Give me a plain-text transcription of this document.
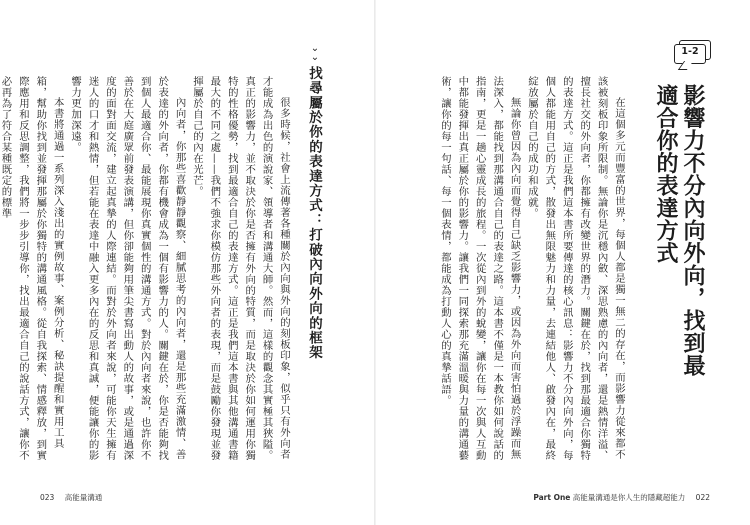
⌄
⌄
找尋屬於你的表達方式：打破內向外向的框架

很多時候，社會上流傳著各種關於內向與外向的刻板印象，似乎只有外向者才能成為出色的演說家、領導者和溝通大師。然而，這樣的觀念其實極其狹隘。真正的影響力，並不取決於你是否擁有外向的特質，而是取決於你如何運用你獨特的性格優勢，找到最適合自己的表達方式。這正是我們這本書與其他溝通書籍最大的不同之處——我們不強求你模仿那些外向者的表現，而是鼓勵你發現並發揮屬於自己的內在光芒。

內向者，你那些喜歡靜靜觀察、細膩思考的內向者，還是那些充滿激情、善於表達的外向者，你都有機會成為一個有影響力的人。關鍵在於，你是否能夠找到個人最適合你、最能展現你真實個性的溝通方式。對於內向者來說，也許你不善於在大庭廣眾前發表演講，但你卻能夠用筆尖書寫出動人的故事，或是通過深度的面對面交流，建立起真摯的人際連結。而對於外向者來說，可能你天生擁有迷人的口才和熱情，但若能在表達中融入更多內在的反思和真誠，便能讓你的影響力更加深遠。

本書將通過一系列深入淺出的實例故事、案例分析、秘訣提醒和實用工具箱，幫助你找到並發揮那屬於你獨特的溝通風格。從自我探索、情感釋放，到實際應用和反思調整，我們將一步步引導你，找出最適合自己的說話方式，讓你不必再為了符合某種既定的標準

023 高能量溝通
1-2
影響力不分內向外向，找到最適合你的表達方式

在這個多元而豐富的世界，每個人都是獨一無二的存在，而影響力從來都不該被刻板印象所限制。無論你是沉穩內斂、深思熟慮的內向者，還是熱情洋溢、擅長社交的外向者，你都擁有改變世界的潛力。關鍵在於，找到那最適合你獨特的表達方式。這正是我們這本書所要傳達的核心訊息：影響力不分內向外向，每個人都能用自己的方式，散發出無限魅力和力量，去連結他人、啟發內在，最終綻放屬於自己的成功和成就。

無論你曾因為內向而覺得自己缺乏影響力，或因為外向而害怕過於浮躁而無法深入，都能找到那溝通合自己的表達之路。這本書不僅是一本教你如何說話的指南，更是一趟心靈成長的旅程。一次從內到外的蛻變，讓你在每一次與人互動中都能發揮出真正屬於你的影響力。讓我們一同探索那充滿溫暖與力量的溝通藝術，讓你的每一句話、每一個表情，都能成為打動人心的真摯話語。

Part One 高能量溝通是你人生的隱藏超能力 022
